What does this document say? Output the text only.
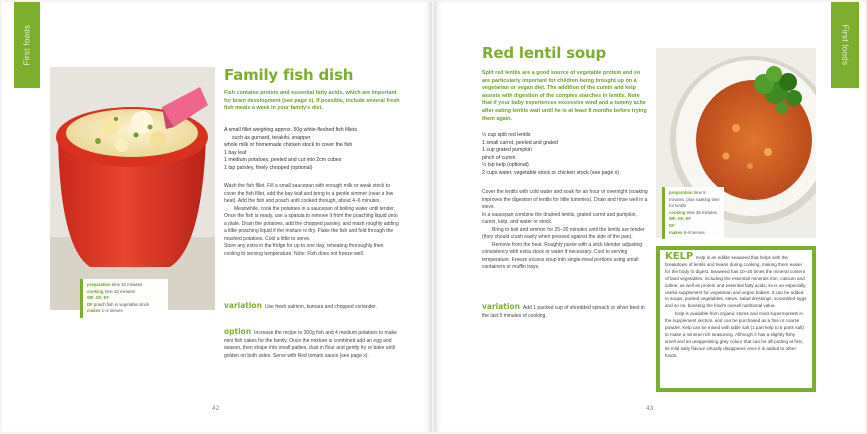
First foods
preparation time 10 minutes
cooking time 10 minutes
WF, GF, EF
DF poach fish in vegetable stock
makes 1–2 serves
Family fish dish

Fish contains protein and essential fatty acids, which are important for brain development (see page x). If possible, include several fresh fish meals a week in your family's diet.

A small fillet weighing approx. 50g white-fleshed fish fillets
such as gurnard, terakihi, snapper
whole milk or homemade chicken stock to cover the fish
1 bay leaf
1 medium potatoes, peeled and cut into 2cm cubes
1 tsp parsley, finely chopped (optional)

Wash the fish fillet. Fill a small saucepan with enough milk or weak stock to cover the fish fillet, add the bay leaf and bring to a gentle simmer (near a low heat). Add the fish and poach until cooked through, about 4–6 minutes.

Meanwhile, cook the potatoes in a saucepan of boiling water until tender. Once the fish is ready, use a spatula to remove it from the poaching liquid onto a plate. Drain the potatoes, add the chopped parsley, and mash roughly adding a little poaching liquid if the mixture is dry. Flake the fish and fold through the mashed potatoes. Cool a little to serve.

Store any extra in the fridge for up to one day, reheating thoroughly then cooling to serving temperature. Note: Fish does not freeze well.

variation Use fresh salmon, kumara and chopped coriander.

option Increase the recipe to 300g fish and 4 medium potatoes to make mini fish cakes for the family. Once the mixture is combined add an egg and season, then shape into small patties, dust in flour and gently fry or bake until golden on both sides. Serve with Red tomato sauce (see page x).

42
First foods
Red lentil soup

Split red lentils are a good source of vegetable protein and so are particularly important for children being brought up on a vegetarian or vegan diet. The addition of the cumin and kelp assists with digestion of the complex starches in lentils. Note that if your baby experiences excessive wind and a tummy ache after eating lentils wait until he is at least 8 months before trying them again.

½ cup split red lentils
1 small carrot, peeled and grated
1 cup grated pumpkin
pinch of cumin
½ tsp kelp (optional)
2 cups water, vegetable stock or chicken stock (see page x)

Cover the lentils with cold water and soak for an hour or overnight (soaking improves the digestion of lentils for little tummies). Drain and rinse well in a sieve.

In a saucepan combine the drained lentils, grated carrot and pumpkin, cumin, kelp, and water or stock.

Bring to boil and simmer for 25–30 minutes until the lentils are tender (they should crush easily when pressed against the side of the pan).

Remove from the heat. Roughly purée with a stick blender adjusting consistency with extra stock or water if necessary. Cool to serving temperature. Freeze excess soup into single-meal portions using small containers or muffin trays.

variation Add 1 packed cup of shredded spinach or silver beet in the last 5 minutes of cooking.

preparation time 5 minutes, plus soaking time for lentils
cooking time 35 minutes
WF, GF, EF
DF
makes 6–8 serves

KELP Kelp is an edible seaweed that helps with the breakdown of lentils and beans during cooking, making them easier for the body to digest. Seaweed has 10–20 times the mineral content of land vegetables, including the essential minerals iron, calcium and iodine, as well as protein and essential fatty acids, so is an especially useful supplement for vegetarian and vegan babies. It can be added to soups, puréed vegetables, stews, salad dressings, scrambled eggs and so on, boosting the food's overall nutritional value.

Kelp is available from organic stores and most supermarkets in the supplement section, and can be purchased as a fine or coarse powder. Kelp can be mixed with table salt (1 part kelp to 5 parts salt) to make a mineral-rich seasoning. Although it has a slightly fishy smell and an unappetising grey colour that can be off-putting at first, its mild salty flavour virtually disappears once it is added to other foods.

43
